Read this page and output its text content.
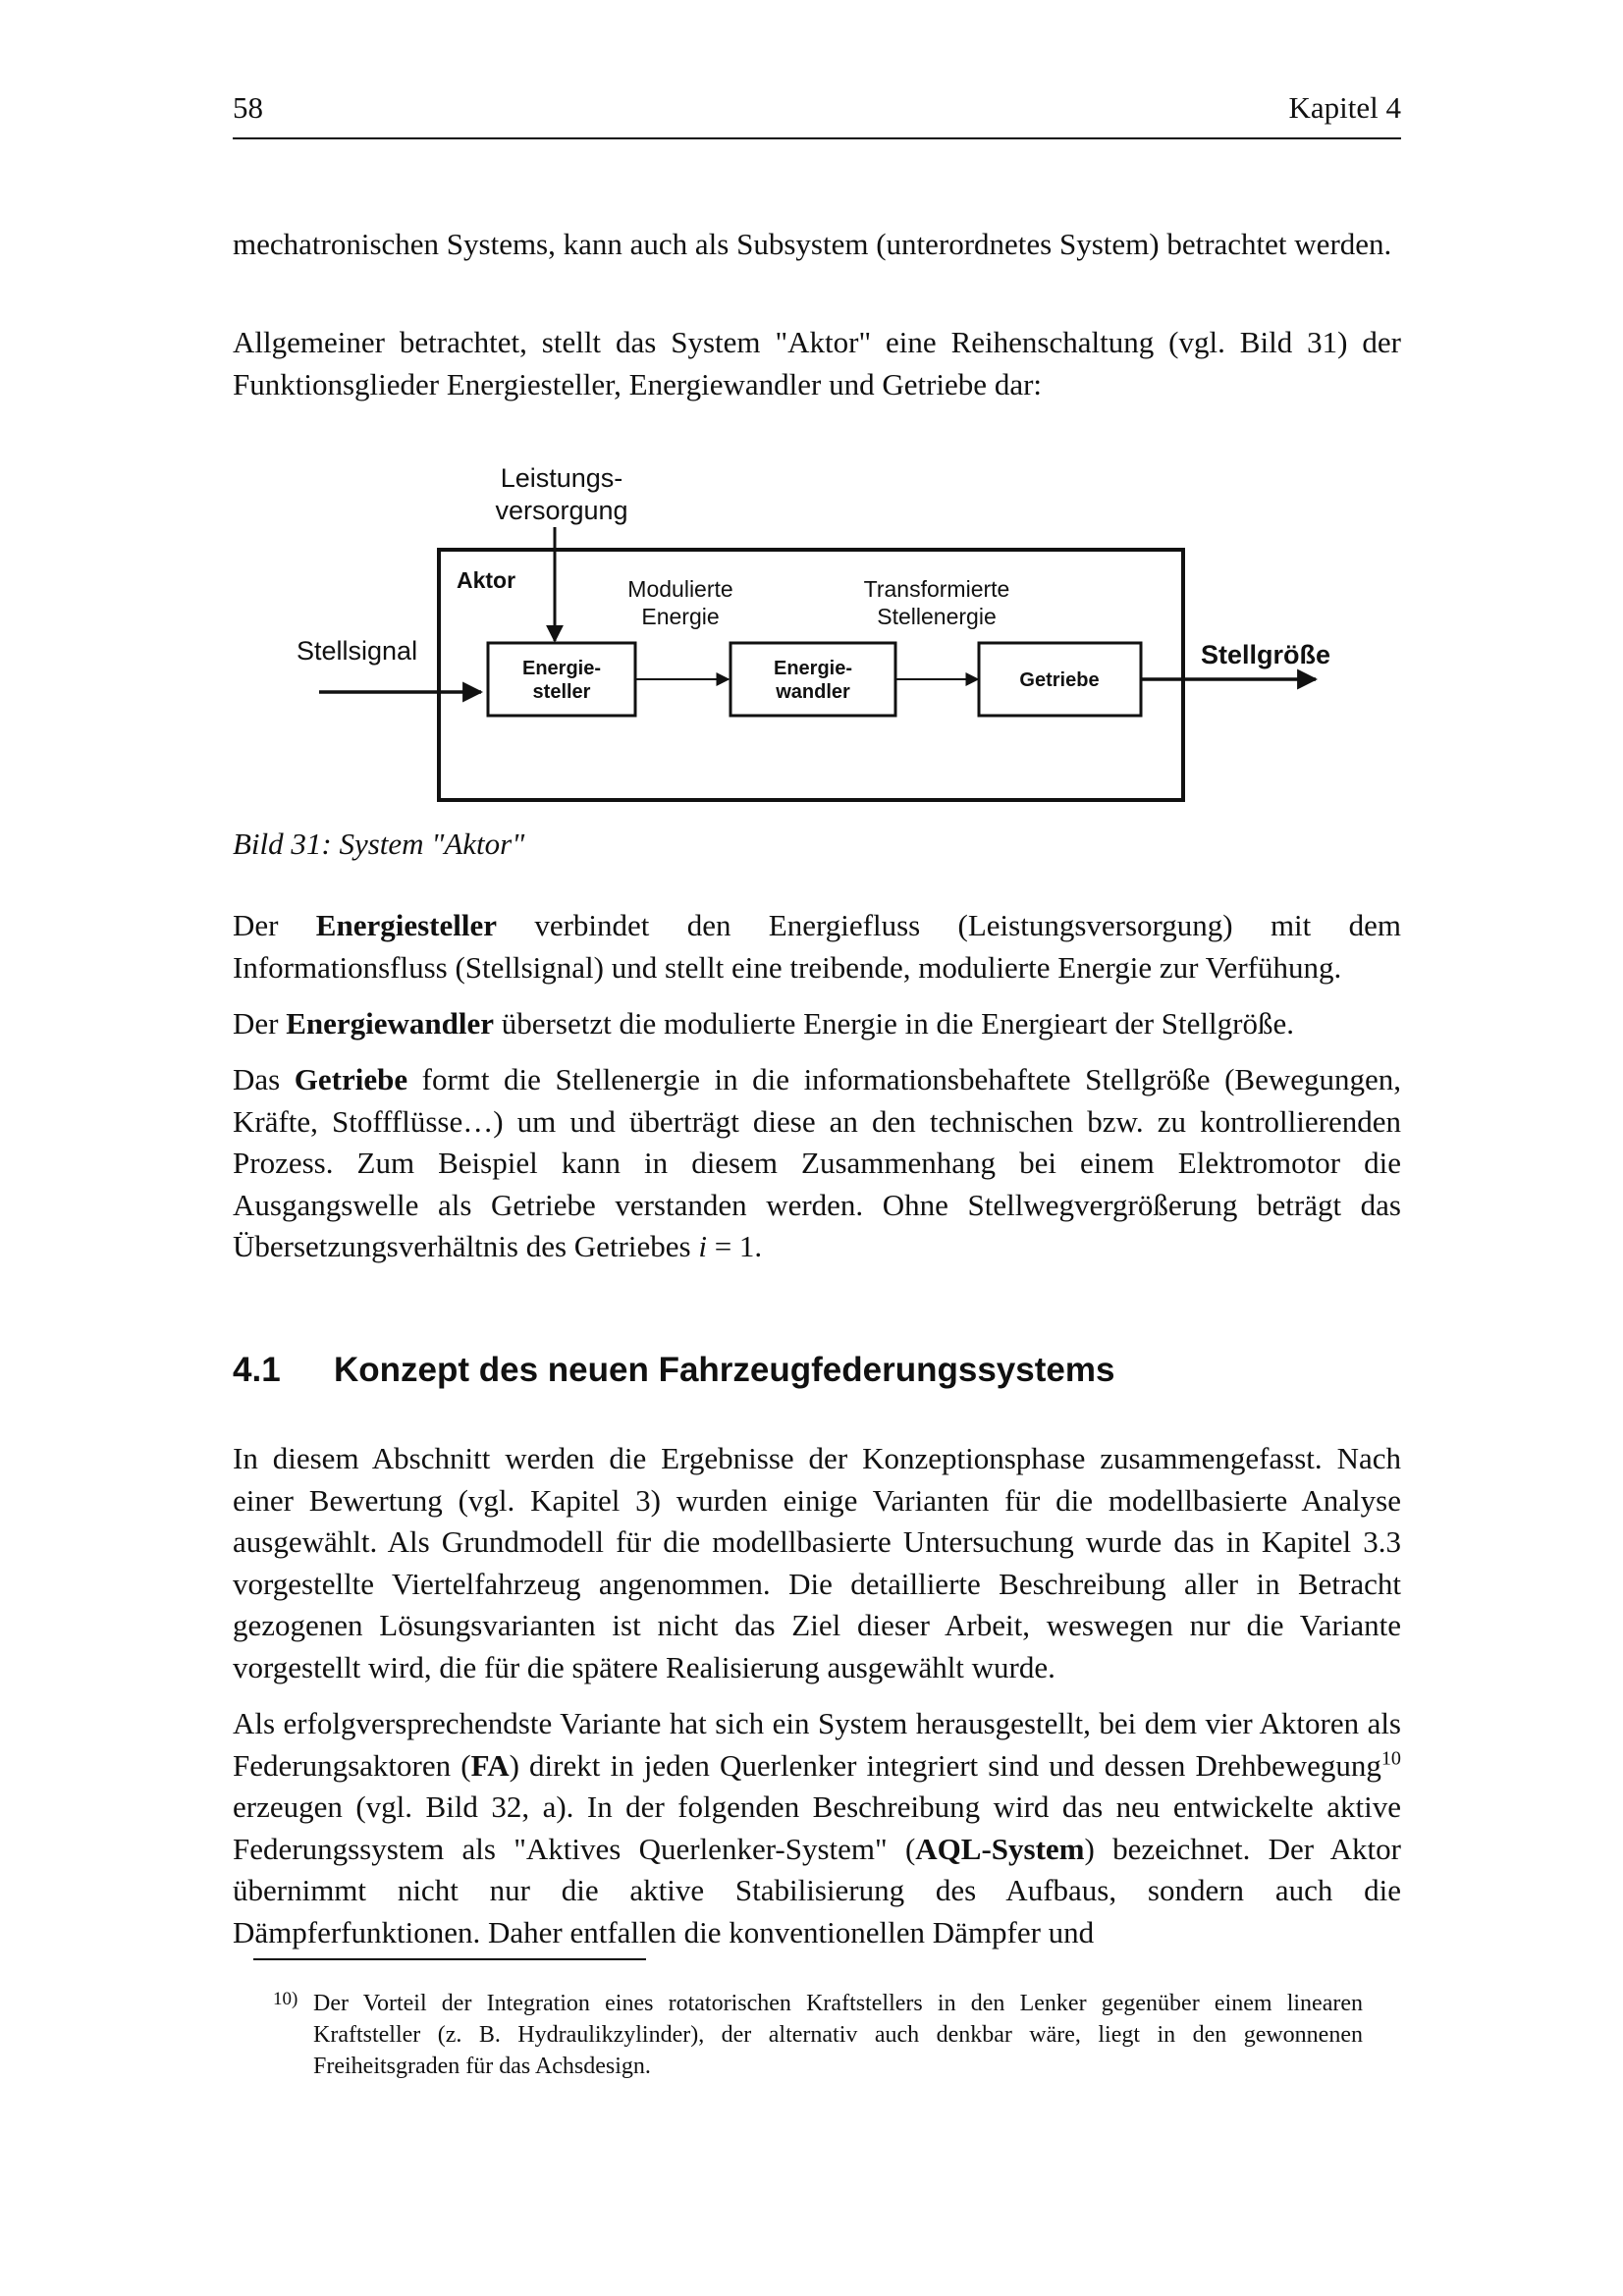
58	Kapitel 4

mechatronischen Systems, kann auch als Subsystem (unterordnetes System) betrachtet werden.

Allgemeiner betrachtet, stellt das System "Aktor" eine Reihenschaltung (vgl. Bild 31) der Funktionsglieder Energiesteller, Energiewandler und Getriebe dar:

Aktor
Leistungs-
versorgung
Stellsignal
Modulierte
Energie
Transformierte
Stellenergie
Energie-
steller
Energie-
wandler
Getriebe
Stellgröße
Bild 31: System "Aktor"

Der Energiesteller verbindet den Energiefluss (Leistungsversorgung) mit dem Informationsfluss (Stellsignal) und stellt eine treibende, modulierte Energie zur Verfühung.

Der Energiewandler übersetzt die modulierte Energie in die Energieart der Stellgröße.

Das Getriebe formt die Stellenergie in die informationsbehaftete Stellgröße (Bewegungen, Kräfte, Stoffflüsse…) um und überträgt diese an den technischen bzw. zu kontrollierenden Prozess. Zum Beispiel kann in diesem Zusammenhang bei einem Elektromotor die Ausgangswelle als Getriebe verstanden werden. Ohne Stellwegvergrößerung beträgt das Übersetzungsverhältnis des Getriebes i = 1.

4.1 Konzept des neuen Fahrzeugfederungssystems

In diesem Abschnitt werden die Ergebnisse der Konzeptionsphase zusammengefasst. Nach einer Bewertung (vgl. Kapitel 3) wurden einige Varianten für die modellbasierte Analyse ausgewählt. Als Grundmodell für die modellbasierte Untersuchung wurde das in Kapitel 3.3 vorgestellte Viertelfahrzeug angenommen. Die detaillierte Beschreibung aller in Betracht gezogenen Lösungsvarianten ist nicht das Ziel dieser Arbeit, weswegen nur die Variante vorgestellt wird, die für die spätere Realisierung ausgewählt wurde.

Als erfolgversprechendste Variante hat sich ein System herausgestellt, bei dem vier Aktoren als Federungsaktoren (FA) direkt in jeden Querlenker integriert sind und dessen Drehbewegung$^{10}$ erzeugen (vgl. Bild 32, a). In der folgenden Beschreibung wird das neu entwickelte aktive Federungssystem als "Aktives Querlenker-System" (AQL-System) bezeichnet. Der Aktor übernimmt nicht nur die aktive Stabilisierung des Aufbaus, sondern auch die Dämpferfunktionen. Daher entfallen die konventionellen Dämpfer und

10) Der Vorteil der Integration eines rotatorischen Kraftstellers in den Lenker gegenüber einem linearen Kraftsteller (z. B. Hydraulikzylinder), der alternativ auch denkbar wäre, liegt in den gewonnenen Freiheitsgraden für das Achsdesign.
